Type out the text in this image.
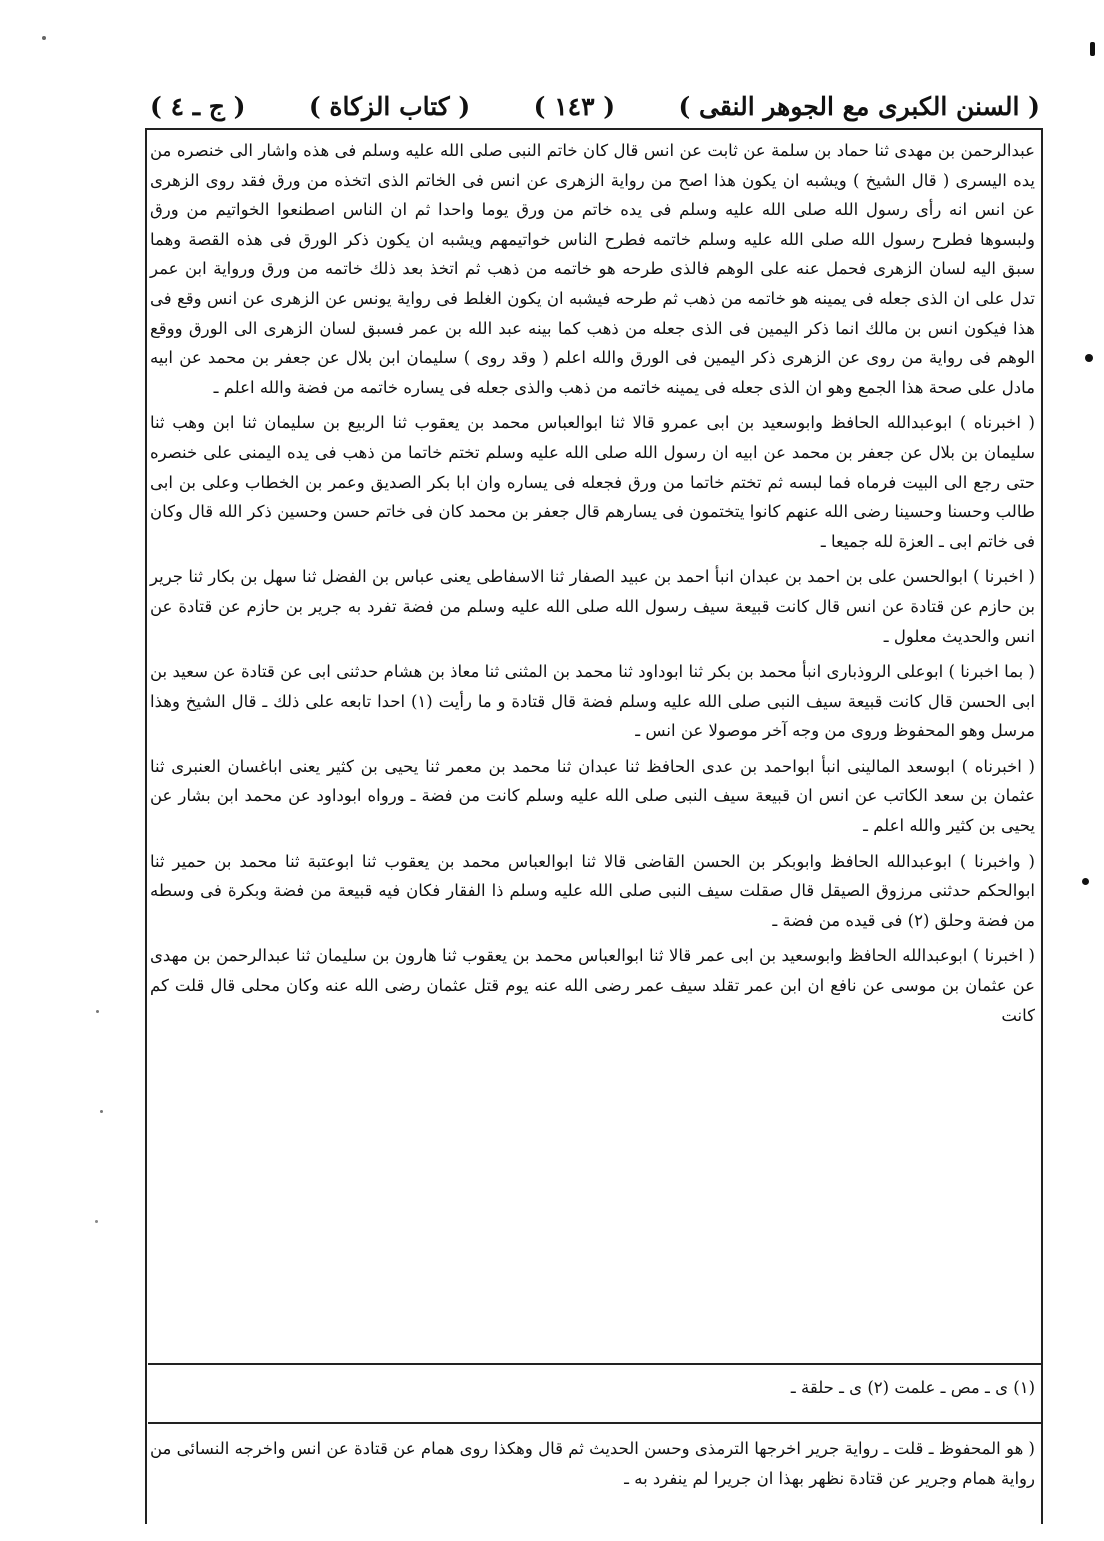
( السنن الكبرى مع الجوهر النقى )
( ١٤٣ )
( كتاب الزكاة )
( ج ـ ٤ )

عبدالرحمن بن مهدى ثنا حماد بن سلمة عن ثابت عن انس قال كان خاتم النبى صلى الله عليه وسلم فى هذه واشار الى خنصره من يده اليسرى ( قال الشيخ ) ويشبه ان يكون هذا اصح من رواية الزهرى عن انس فى الخاتم الذى اتخذه من ورق فقد روى الزهرى عن انس انه رأى رسول الله صلى الله عليه وسلم فى يده خاتم من ورق يوما واحدا ثم ان الناس اصطنعوا الخواتيم من ورق ولبسوها فطرح رسول الله صلى الله عليه وسلم خاتمه فطرح الناس خواتيمهم ويشبه ان يكون ذكر الورق فى هذه القصة وهما سبق اليه لسان الزهرى فحمل عنه على الوهم فالذى طرحه هو خاتمه من ذهب ثم اتخذ بعد ذلك خاتمه من ورق ورواية ابن عمر تدل على ان الذى جعله فى يمينه هو خاتمه من ذهب ثم طرحه فيشبه ان يكون الغلط فى رواية يونس عن الزهرى عن انس وقع فى هذا فيكون انس بن مالك انما ذكر اليمين فى الذى جعله من ذهب كما بينه عبد الله بن عمر فسبق لسان الزهرى الى الورق ووقع الوهم فى رواية من روى عن الزهرى ذكر اليمين فى الورق والله اعلم ( وقد روى ) سليمان ابن بلال عن جعفر بن محمد عن ابيه مادل على صحة هذا الجمع وهو ان الذى جعله فى يمينه خاتمه من ذهب والذى جعله فى يساره خاتمه من فضة والله اعلم ـ

( اخبرناه ) ابوعبدالله الحافظ وابوسعيد بن ابى عمرو قالا ثنا ابوالعباس محمد بن يعقوب ثنا الربيع بن سليمان ثنا ابن وهب ثنا سليمان بن بلال عن جعفر بن محمد عن ابيه ان رسول الله صلى الله عليه وسلم تختم خاتما من ذهب فى يده اليمنى على خنصره حتى رجع الى البيت فرماه فما لبسه ثم تختم خاتما من ورق فجعله فى يساره وان ابا بكر الصديق وعمر بن الخطاب وعلى بن ابى طالب وحسنا وحسينا رضى الله عنهم كانوا يتختمون فى يسارهم قال جعفر بن محمد كان فى خاتم حسن وحسين ذكر الله قال وكان فى خاتم ابى ـ العزة لله جميعا ـ

( اخبرنا ) ابوالحسن على بن احمد بن عبدان انبأ احمد بن عبيد الصفار ثنا الاسفاطى يعنى عباس بن الفضل ثنا سهل بن بكار ثنا جرير بن حازم عن قتادة عن انس قال كانت قبيعة سيف رسول الله صلى الله عليه وسلم من فضة تفرد به جرير بن حازم عن قتادة عن انس والحديث معلول ـ

( بما اخبرنا ) ابوعلى الروذبارى انبأ محمد بن بكر ثنا ابوداود ثنا محمد بن المثنى ثنا معاذ بن هشام حدثنى ابى عن قتادة عن سعيد بن ابى الحسن قال كانت قبيعة سيف النبى صلى الله عليه وسلم فضة قال قتادة و ما رأيت (١) احدا تابعه على ذلك ـ قال الشيخ وهذا مرسل وهو المحفوظ وروى من وجه آخر موصولا عن انس ـ

( اخبرناه ) ابوسعد المالينى انبأ ابواحمد بن عدى الحافظ ثنا عبدان ثنا محمد بن معمر ثنا يحيى بن كثير يعنى اباغسان العنبرى ثنا عثمان بن سعد الكاتب عن انس ان قبيعة سيف النبى صلى الله عليه وسلم كانت من فضة ـ ورواه ابوداود عن محمد ابن بشار عن يحيى بن كثير والله اعلم ـ

( واخبرنا ) ابوعبدالله الحافظ وابوبكر بن الحسن القاضى قالا ثنا ابوالعباس محمد بن يعقوب ثنا ابوعتبة ثنا محمد بن حمير ثنا ابوالحكم حدثنى مرزوق الصيقل قال صقلت سيف النبى صلى الله عليه وسلم ذا الفقار فكان فيه قبيعة من فضة وبكرة فى وسطه من فضة وحلق (٢) فى قيده من فضة ـ

( اخبرنا ) ابوعبدالله الحافظ وابوسعيد بن ابى عمر قالا ثنا ابوالعباس محمد بن يعقوب ثنا هارون بن سليمان ثنا عبدالرحمن بن مهدى عن عثمان بن موسى عن نافع ان ابن عمر تقلد سيف عمر رضى الله عنه يوم قتل عثمان رضى الله عنه وكان محلى قال قلت كم كانت

(١) ى ـ مص ـ علمت (٢) ى ـ حلقة ـ
( هو المحفوظ ـ قلت ـ رواية جرير اخرجها الترمذى وحسن الحديث ثم قال وهكذا روى همام عن قتادة عن انس واخرجه النسائى من رواية همام وجرير عن قتادة نظهر بهذا ان جريرا لم ينفرد به ـ
